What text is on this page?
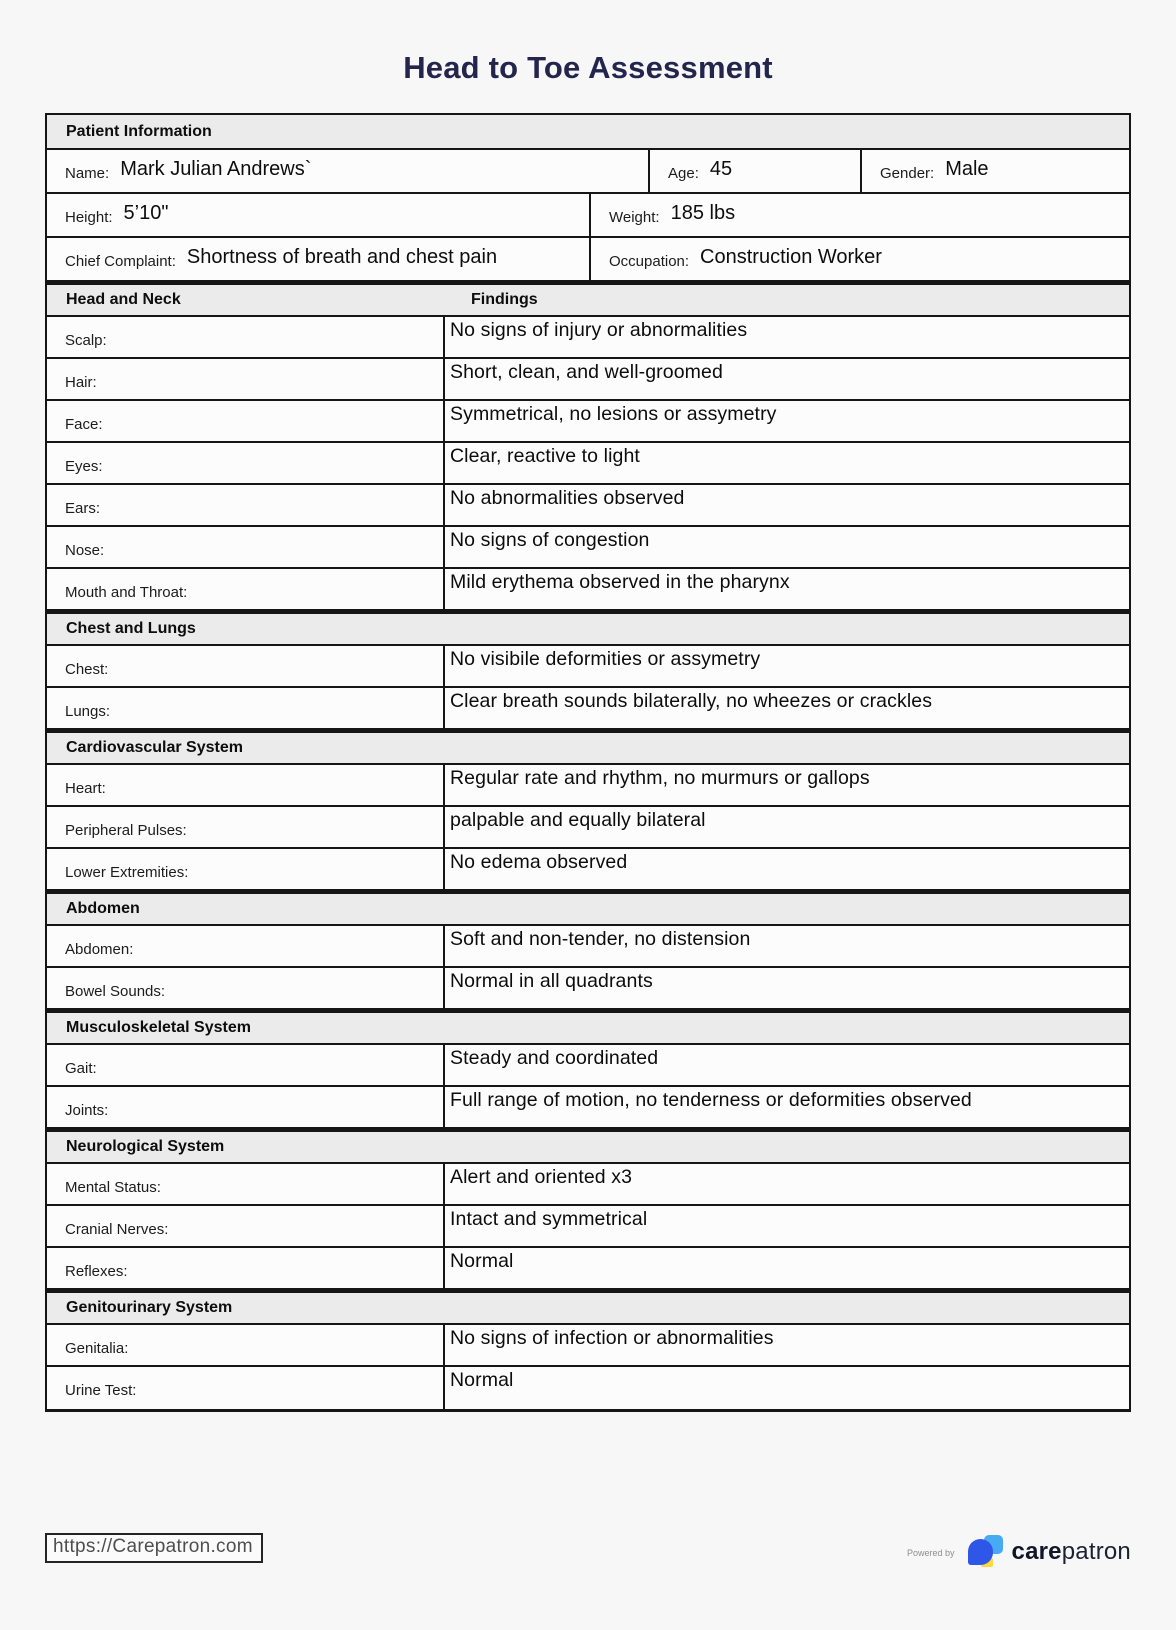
Head to Toe Assessment
Patient Information
Name: Mark Julian Andrews`	Age: 45	Gender: Male
Height: 5’10"	Weight: 185 lbs
Chief Complaint: Shortness of breath and chest pain	Occupation: Construction Worker
Head and Neck	Findings
Scalp:	No signs of injury or abnormalities
Hair:	Short, clean, and well-groomed
Face:	Symmetrical, no lesions or assymetry
Eyes:	Clear, reactive to light
Ears:	No abnormalities observed
Nose:	No signs of congestion
Mouth and Throat:	Mild erythema observed in the pharynx
Chest and Lungs
Chest:	No visibile deformities or assymetry
Lungs:	Clear breath sounds bilaterally, no wheezes or crackles
Cardiovascular System
Heart:	Regular rate and rhythm, no murmurs or gallops
Peripheral Pulses:	palpable and equally bilateral
Lower Extremities:	No edema observed
Abdomen
Abdomen:	Soft and non-tender, no distension
Bowel Sounds:	Normal in all quadrants
Musculoskeletal System
Gait:	Steady and coordinated
Joints:	Full range of motion, no tenderness or deformities observed
Neurological System
Mental Status:	Alert and oriented x3
Cranial Nerves:	Intact and symmetrical
Reflexes:	Normal
Genitourinary System
Genitalia:	No signs of infection or abnormalities
Urine Test:	Normal
https://Carepatron.com	Powered by carepatron
